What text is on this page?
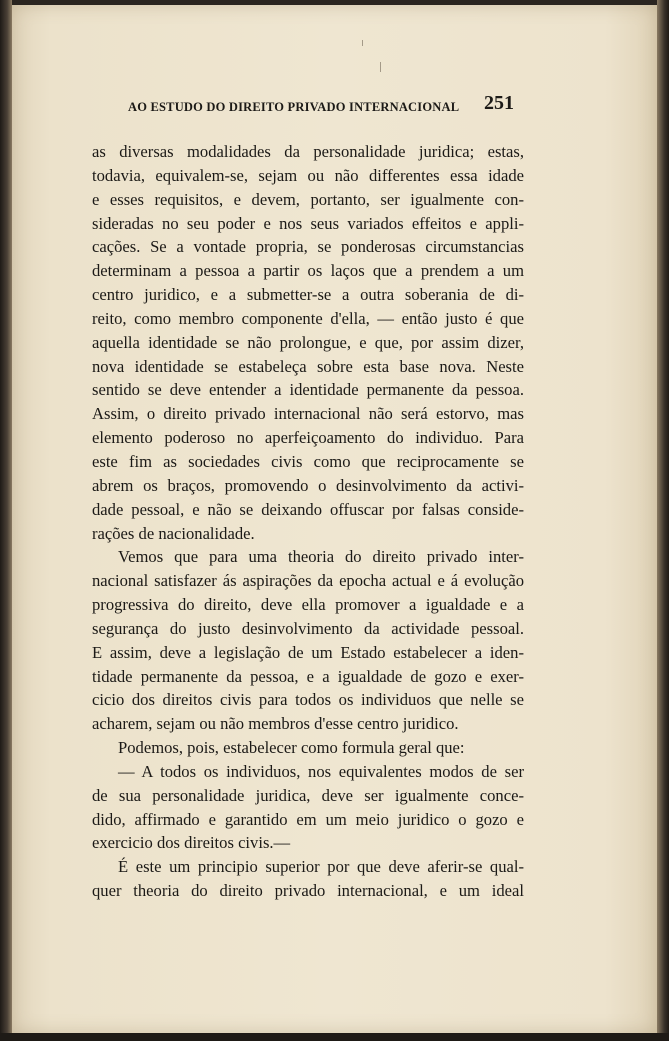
AO ESTUDO DO DIREITO PRIVADO INTERNACIONAL 251
as diversas modalidades da personalidade juridica; estas,
todavia, equivalem-se, sejam ou não differentes essa idade
e esses requisitos, e devem, portanto, ser igualmente con-
sideradas no seu poder e nos seus variados effeitos e appli-
cações. Se a vontade propria, se ponderosas circumstancias
determinam a pessoa a partir os laços que a prendem a um
centro juridico, e a submetter-se a outra soberania de di-
reito, como membro componente d'ella, — então justo é que
aquella identidade se não prolongue, e que, por assim dizer,
nova identidade se estabeleça sobre esta base nova. Neste
sentido se deve entender a identidade permanente da pessoa.
Assim, o direito privado internacional não será estorvo, mas
elemento poderoso no aperfeiçoamento do individuo. Para
este fim as sociedades civis como que reciprocamente se
abrem os braços, promovendo o desinvolvimento da activi-
dade pessoal, e não se deixando offuscar por falsas conside-
rações de nacionalidade.
Vemos que para uma theoria do direito privado inter-
nacional satisfazer ás aspirações da epocha actual e á evolução
progressiva do direito, deve ella promover a igualdade e a
segurança do justo desinvolvimento da actividade pessoal.
E assim, deve a legislação de um Estado estabelecer a iden-
tidade permanente da pessoa, e a igualdade de gozo e exer-
cicio dos direitos civis para todos os individuos que nelle se
acharem, sejam ou não membros d'esse centro juridico.
Podemos, pois, estabelecer como formula geral que:
— A todos os individuos, nos equivalentes modos de ser
de sua personalidade juridica, deve ser igualmente conce-
dido, affirmado e garantido em um meio juridico o gozo e
exercicio dos direitos civis.—
É este um principio superior por que deve aferir-se qual-
quer theoria do direito privado internacional, e um ideal
